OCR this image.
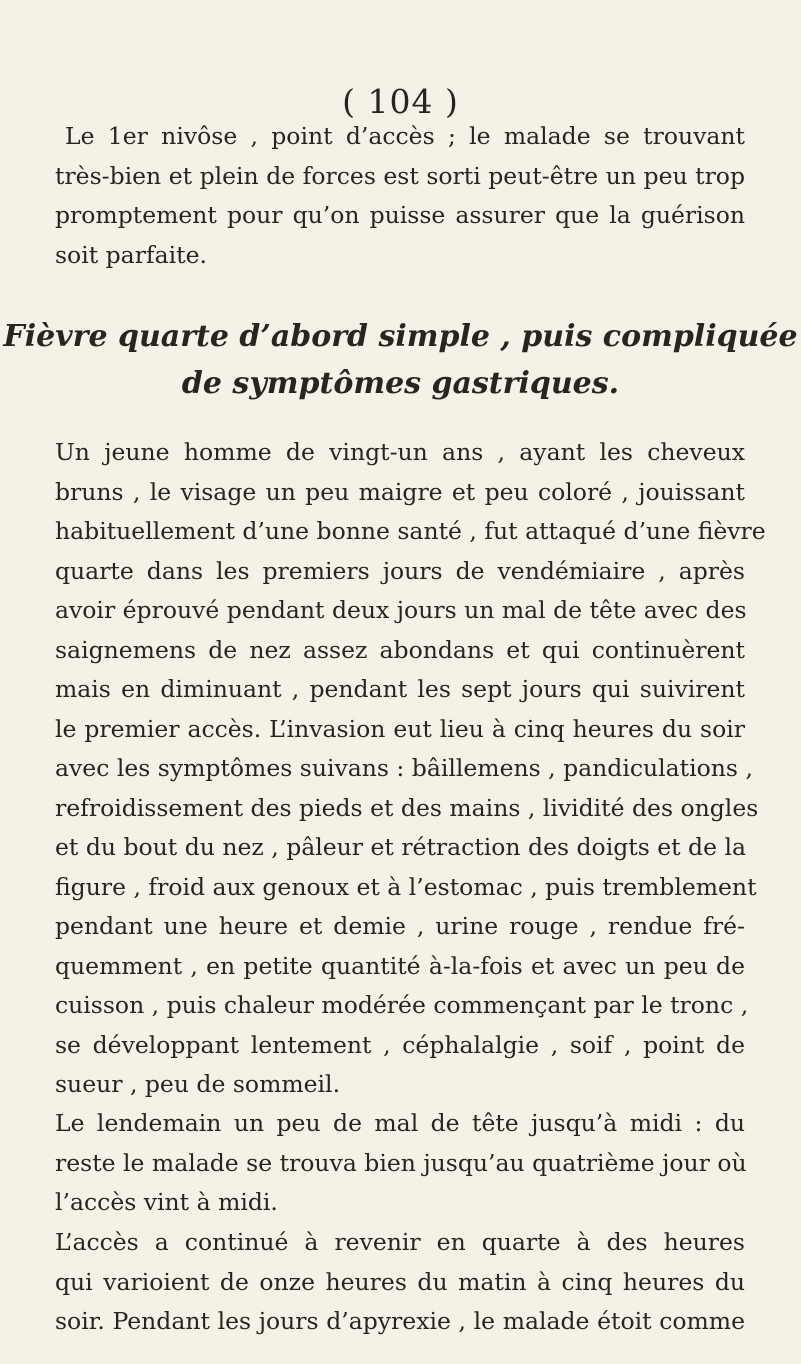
( 104 )
Le 1er nivôse , point d’accès ; le malade se trouvant
très-bien et plein de forces est sorti peut-être un peu trop
promptement pour qu’on puisse assurer que la guérison
soit parfaite.
Fièvre quarte d’abord simple , puis compliquée
de symptômes gastriques.
Un jeune homme de vingt-un ans , ayant les cheveux
bruns , le visage un peu maigre et peu coloré , jouissant
habituellement d’une bonne santé , fut attaqué d’une fièvre
quarte dans les premiers jours de vendémiaire , après
avoir éprouvé pendant deux jours un mal de tête avec des
saignemens de nez assez abondans et qui continuèrent
mais en diminuant , pendant les sept jours qui suivirent
le premier accès. L’invasion eut lieu à cinq heures du soir
avec les symptômes suivans : bâillemens , pandiculations ,
refroidissement des pieds et des mains , lividité des ongles
et du bout du nez , pâleur et rétraction des doigts et de la
figure , froid aux genoux et à l’estomac , puis tremblement
pendant une heure et demie , urine rouge , rendue fré-
quemment , en petite quantité à-la-fois et avec un peu de
cuisson , puis chaleur modérée commençant par le tronc ,
se développant lentement , céphalalgie , soif , point de
sueur , peu de sommeil.
Le lendemain un peu de mal de tête jusqu’à midi : du
reste le malade se trouva bien jusqu’au quatrième jour où
l’accès vint à midi.
L’accès a continué à revenir en quarte à des heures
qui varioient de onze heures du matin à cinq heures du
soir. Pendant les jours d’apyrexie , le malade étoit comme
